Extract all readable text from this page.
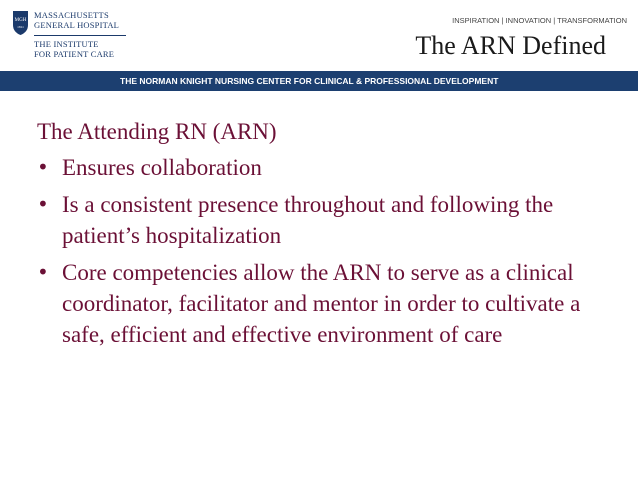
MGH
1811
MASSACHUSETTS
GENERAL HOSPITAL
THE INSTITUTE
FOR PATIENT CARE
INSPIRATION | INNOVATION | TRANSFORMATION
The ARN Defined
THE NORMAN KNIGHT NURSING CENTER FOR CLINICAL & PROFESSIONAL DEVELOPMENT
The Attending RN (ARN)
• Ensures collaboration
• Is a consistent presence throughout and following the patient’s hospitalization
• Core competencies allow the ARN to serve as a clinical coordinator, facilitator and mentor in order to cultivate a safe, efficient and effective environment of care
